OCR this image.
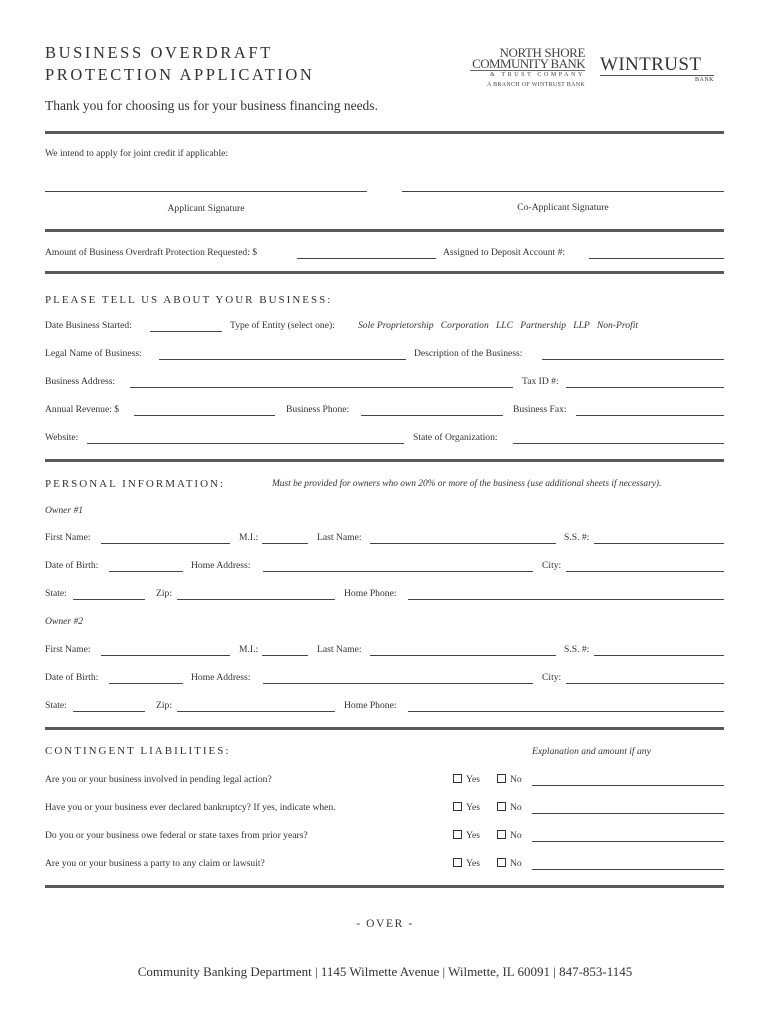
BUSINESS OVERDRAFT
PROTECTION APPLICATION
NORTH SHORE
COMMUNITY BANK
& TRUST COMPANY
A BRANCH OF WINTRUST BANK
WINTRUST
BANK
Thank you for choosing us for your business financing needs.
We intend to apply for joint credit if applicable:
Applicant Signature	Co-Applicant Signature
Amount of Business Overdraft Protection Requested: $	Assigned to Deposit Account #:
PLEASE TELL US ABOUT YOUR BUSINESS:
Date Business Started:	Type of Entity (select one): Sole Proprietorship   Corporation   LLC   Partnership   LLP   Non-Profit
Legal Name of Business:	Description of the Business:
Business Address:	Tax ID #:
Annual Revenue: $	Business Phone:	Business Fax:
Website:	State of Organization:
PERSONAL INFORMATION:	Must be provided for owners who own 20% or more of the business (use additional sheets if necessary).
Owner #1
First Name:	M.I.:	Last Name:	S.S. #:
Date of Birth:	Home Address:	City:
State:	Zip:	Home Phone:
Owner #2
First Name:	M.I.:	Last Name:	S.S. #:
Date of Birth:	Home Address:	City:
State:	Zip:	Home Phone:
CONTINGENT LIABILITIES:	Explanation and amount if any
Are you or your business involved in pending legal action?	Yes	No
Have you or your business ever declared bankruptcy? If yes, indicate when.	Yes	No
Do you or your business owe federal or state taxes from prior years?	Yes	No
Are you or your business a party to any claim or lawsuit?	Yes	No
- OVER -
Community Banking Department | 1145 Wilmette Avenue | Wilmette, IL 60091 | 847-853-1145
